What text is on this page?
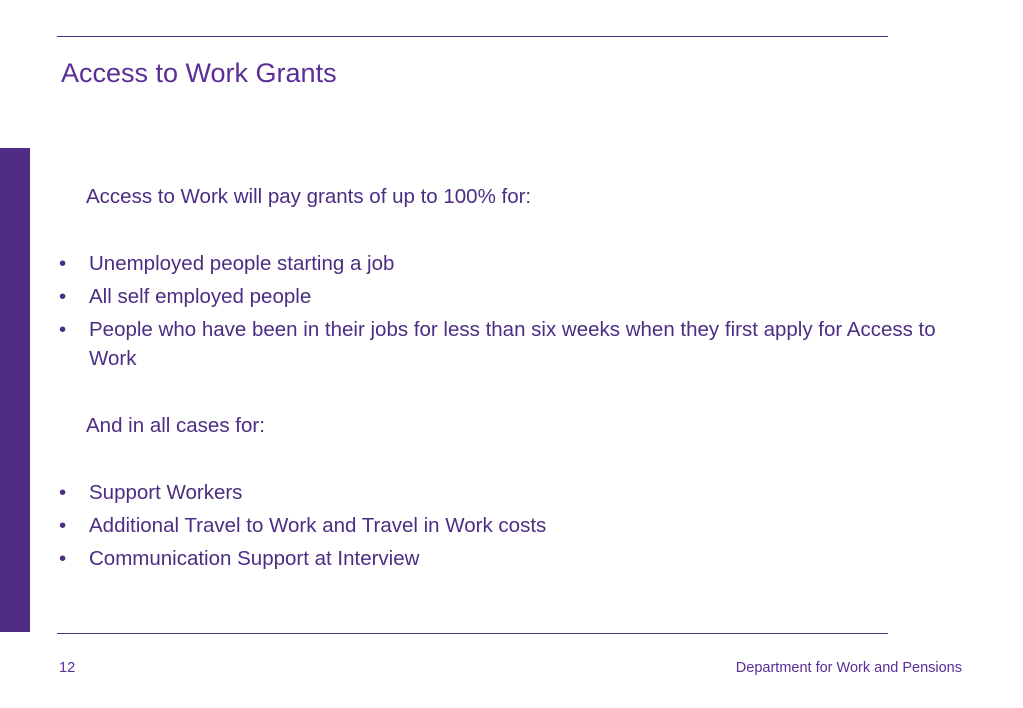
Access to Work Grants

Access to Work will pay grants of up to 100% for:

• Unemployed people starting a job
• All self employed people
• People who have been in their jobs for less than six weeks when they first apply for Access to Work

And in all cases for:

• Support Workers
• Additional Travel to Work and Travel in Work costs
• Communication Support at Interview
12	Department for Work and Pensions
